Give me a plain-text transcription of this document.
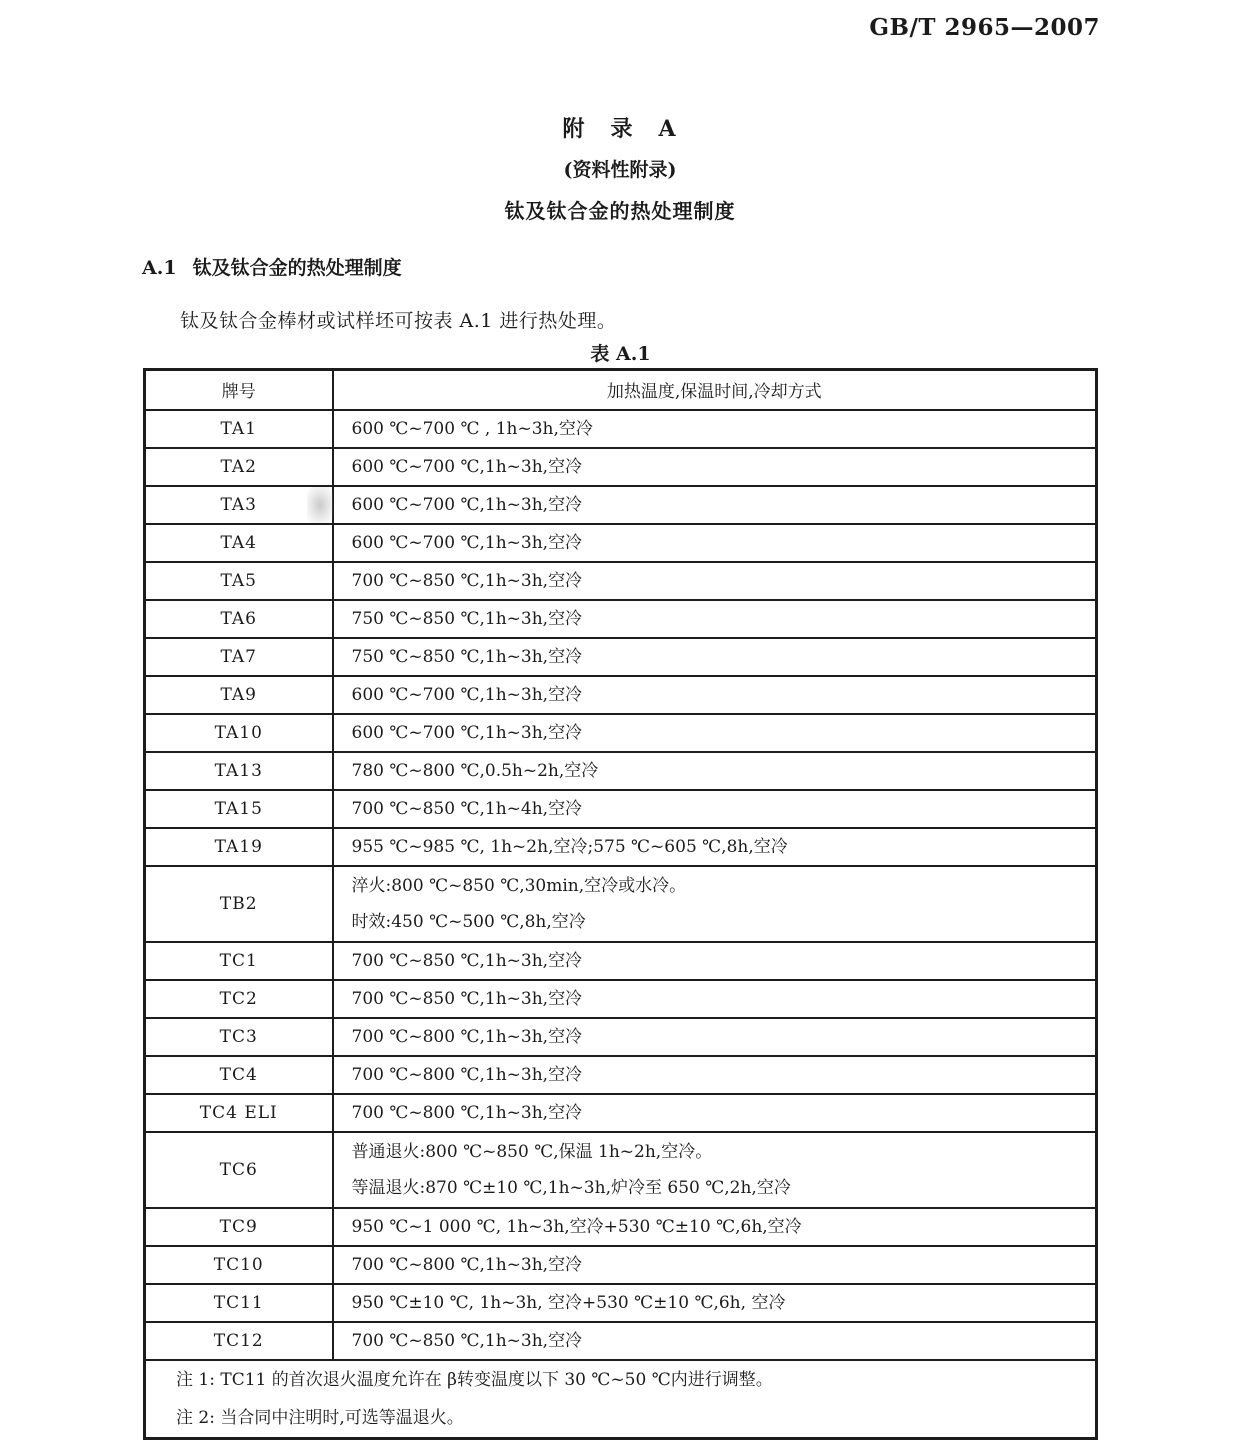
GB/T 2965—2007
附　录　A
(资料性附录)
钛及钛合金的热处理制度
A.1 钛及钛合金的热处理制度

钛及钛合金棒材或试样坯可按表 A.1 进行热处理。

表 A.1
牌号	加热温度,保温时间,冷却方式
TA1	600 ℃~700 ℃ , 1h~3h,空冷

TA2	600 ℃~700 ℃,1h~3h,空冷

TA3	600 ℃~700 ℃,1h~3h,空冷

TA4	600 ℃~700 ℃,1h~3h,空冷

TA5	700 ℃~850 ℃,1h~3h,空冷

TA6	750 ℃~850 ℃,1h~3h,空冷

TA7	750 ℃~850 ℃,1h~3h,空冷

TA9	600 ℃~700 ℃,1h~3h,空冷

TA10	600 ℃~700 ℃,1h~3h,空冷

TA13	780 ℃~800 ℃,0.5h~2h,空冷

TA15	700 ℃~850 ℃,1h~4h,空冷

TA19	955 ℃~985 ℃, 1h~2h,空冷;575 ℃~605 ℃,8h,空冷

TB2	淬火:800 ℃~850 ℃,30min,空冷或水冷。
时效:450 ℃~500 ℃,8h,空冷

TC1	700 ℃~850 ℃,1h~3h,空冷

TC2	700 ℃~850 ℃,1h~3h,空冷

TC3	700 ℃~800 ℃,1h~3h,空冷

TC4	700 ℃~800 ℃,1h~3h,空冷

TC4 ELI	700 ℃~800 ℃,1h~3h,空冷

TC6	普通退火:800 ℃~850 ℃,保温 1h~2h,空冷。
等温退火:870 ℃±10 ℃,1h~3h,炉冷至 650 ℃,2h,空冷

TC9	950 ℃~1 000 ℃, 1h~3h,空冷+530 ℃±10 ℃,6h,空冷

TC10	700 ℃~800 ℃,1h~3h,空冷

TC11	950 ℃±10 ℃, 1h~3h, 空冷+530 ℃±10 ℃,6h, 空冷

TC12	700 ℃~850 ℃,1h~3h,空冷

注 1: TC11 的首次退火温度允许在 β转变温度以下 30 ℃~50 ℃内进行调整。
注 2: 当合同中注明时,可选等温退火。	
